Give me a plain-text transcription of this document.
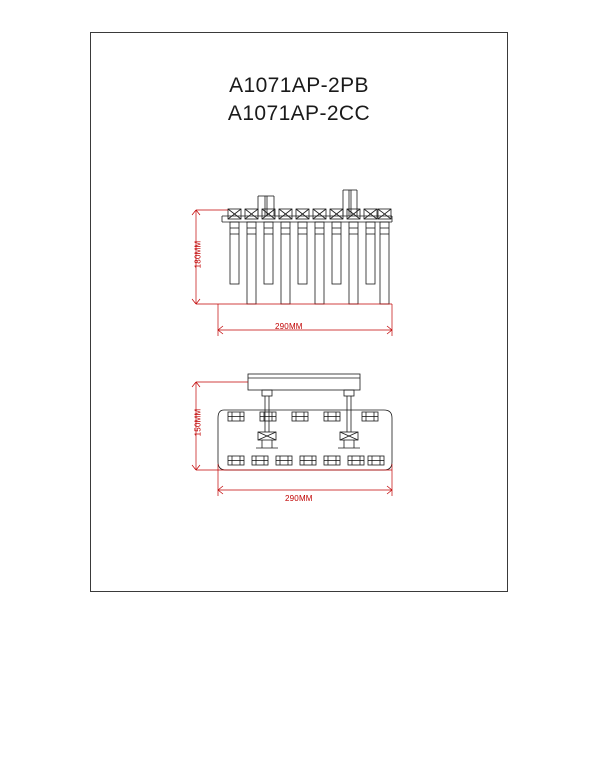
A1071AP-2PB
A1071AP-2CC
180MM
290MM
150MM
290MM
